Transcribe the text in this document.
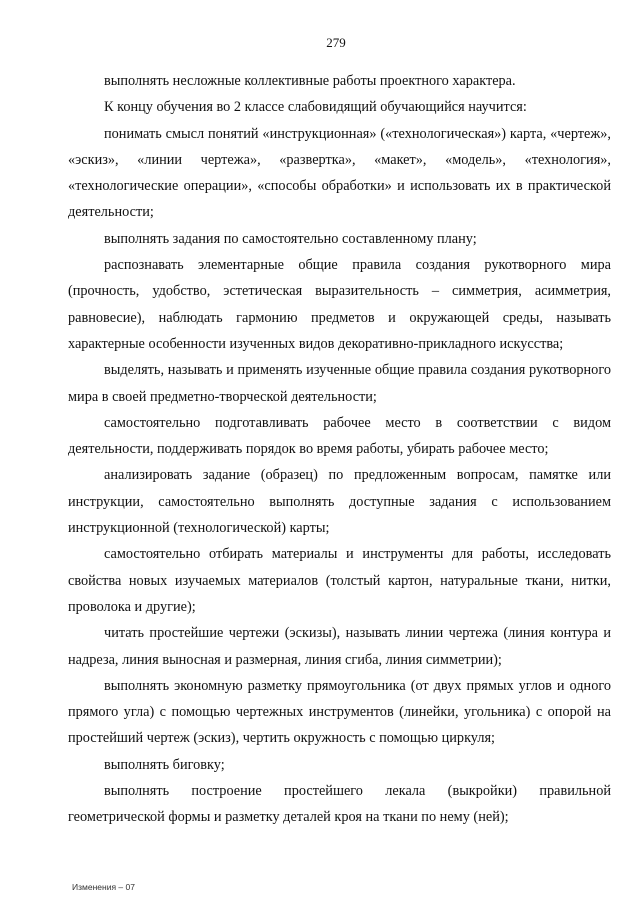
279

выполнять несложные коллективные работы проектного характера.

К концу обучения во 2 классе слабовидящий обучающийся научится:

понимать смысл понятий «инструкционная» («технологическая») карта, «чертеж», «эскиз», «линии чертежа», «развертка», «макет», «модель», «технология», «технологические операции», «способы обработки» и использовать их в практической деятельности;

выполнять задания по самостоятельно составленному плану;

распознавать элементарные общие правила создания рукотворного мира (прочность, удобство, эстетическая выразительность – симметрия, асимметрия, равновесие), наблюдать гармонию предметов и окружающей среды, называть характерные особенности изученных видов декоративно-прикладного искусства;

выделять, называть и применять изученные общие правила создания рукотворного мира в своей предметно-творческой деятельности;

самостоятельно подготавливать рабочее место в соответствии с видом деятельности, поддерживать порядок во время работы, убирать рабочее место;

анализировать задание (образец) по предложенным вопросам, памятке или инструкции, самостоятельно выполнять доступные задания с использованием инструкционной (технологической) карты;

самостоятельно отбирать материалы и инструменты для работы, исследовать свойства новых изучаемых материалов (толстый картон, натуральные ткани, нитки, проволока и другие);

читать простейшие чертежи (эскизы), называть линии чертежа (линия контура и надреза, линия выносная и размерная, линия сгиба, линия симметрии);

выполнять экономную разметку прямоугольника (от двух прямых углов и одного прямого угла) с помощью чертежных инструментов (линейки, угольника) с опорой на простейший чертеж (эскиз), чертить окружность с помощью циркуля;

выполнять биговку;

выполнять построение простейшего лекала (выкройки) правильной геометрической формы и разметку деталей кроя на ткани по нему (ней);

Изменения – 07
